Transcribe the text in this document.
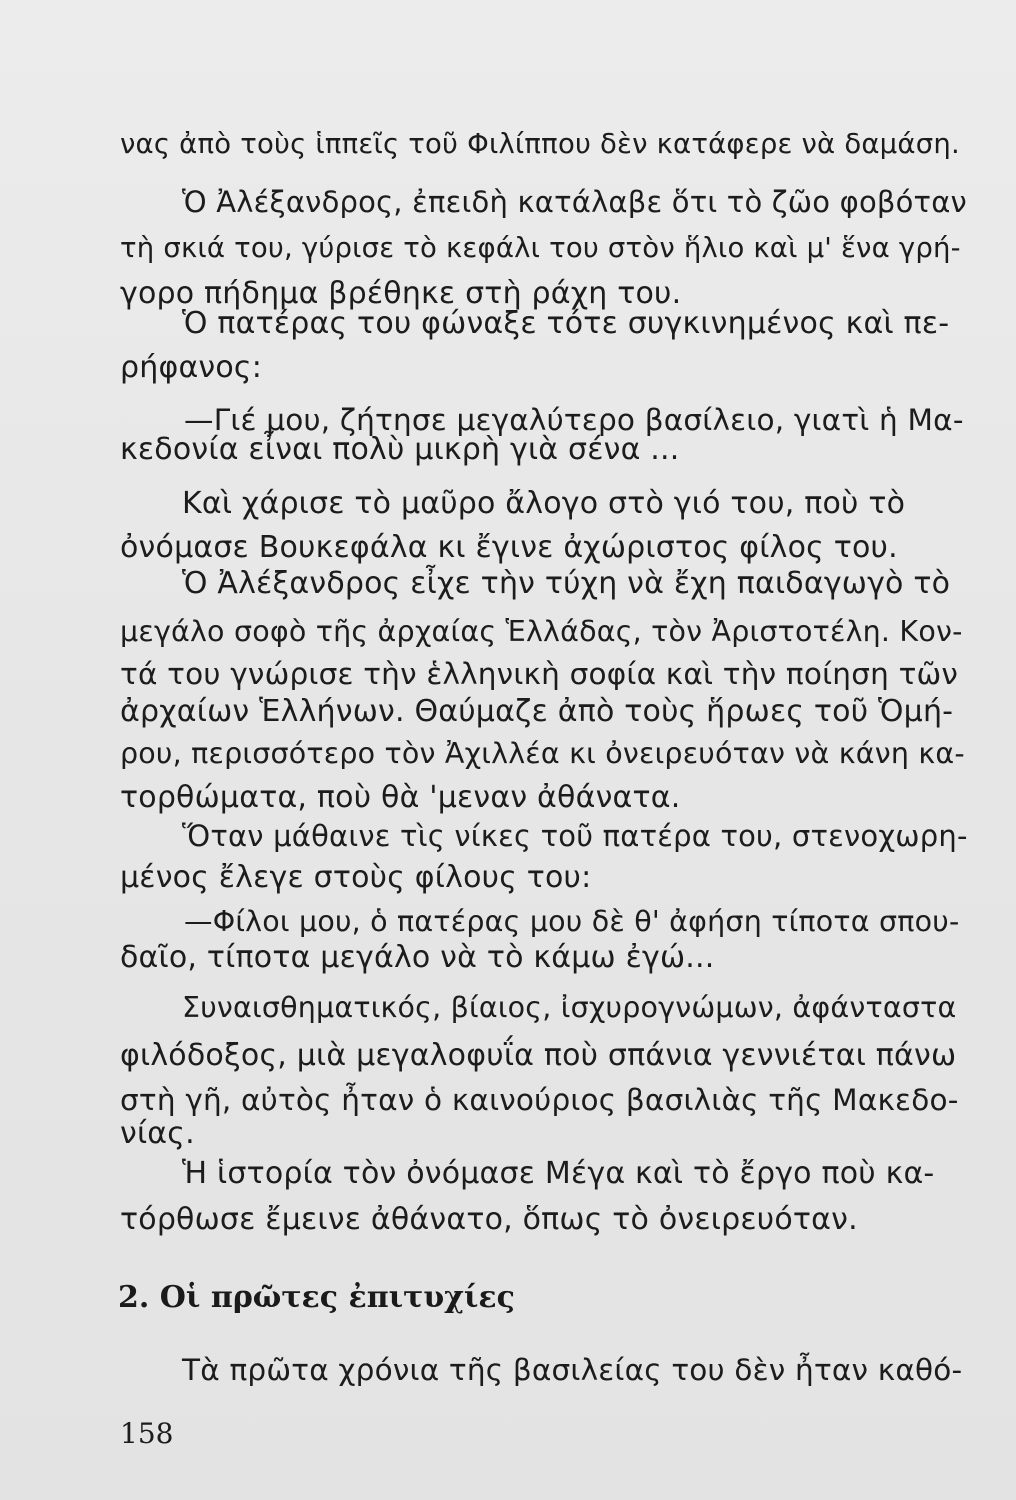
νας ἀπὸ τοὺς ἱππεῖς τοῦ Φιλίππου δὲν κατάφερε νὰ δαμάση.
Ὁ Ἀλέξανδρος, ἐπειδὴ κατάλαβε ὅτι τὸ ζῶο φοβόταν
τὴ σκιά του, γύρισε τὸ κεφάλι του στὸν ἥλιο καὶ μ' ἕνα γρή-
γορο πήδημα βρέθηκε στὴ ράχη του.
Ὁ πατέρας του φώναξε τότε συγκινημένος καὶ πε-
ρήφανος:
—Γιέ μου, ζήτησε μεγαλύτερο βασίλειο, γιατὶ ἡ Μα-
κεδονία εἶναι πολὺ μικρὴ γιὰ σένα ...
Καὶ χάρισε τὸ μαῦρο ἄλογο στὸ γιό του, ποὺ τὸ
ὀνόμασε Βουκεφάλα κι ἔγινε ἀχώριστος φίλος του.
Ὁ Ἀλέξανδρος εἶχε τὴν τύχη νὰ ἔχη παιδαγωγὸ τὸ
μεγάλο σοφὸ τῆς ἀρχαίας Ἑλλάδας, τὸν Ἀριστοτέλη. Κον-
τά του γνώρισε τὴν ἑλληνικὴ σοφία καὶ τὴν ποίηση τῶν
ἀρχαίων Ἑλλήνων. Θαύμαζε ἀπὸ τοὺς ἥρωες τοῦ Ὁμή-
ρου, περισσότερο τὸν Ἀχιλλέα κι ὀνειρευόταν νὰ κάνη κα-
τορθώματα, ποὺ θὰ 'μεναν ἀθάνατα.
Ὅταν μάθαινε τὶς νίκες τοῦ πατέρα του, στενοχωρη-
μένος ἔλεγε στοὺς φίλους του:
—Φίλοι μου, ὁ πατέρας μου δὲ θ' ἀφήση τίποτα σπου-
δαῖο, τίποτα μεγάλο νὰ τὸ κάμω ἐγώ...
Συναισθηματικός, βίαιος, ἰσχυρογνώμων, ἀφάνταστα
φιλόδοξος, μιὰ μεγαλοφυΐα ποὺ σπάνια γεννιέται πάνω
στὴ γῆ, αὐτὸς ἦταν ὁ καινούριος βασιλιὰς τῆς Μακεδο-
νίας.
Ἡ ἱστορία τὸν ὀνόμασε Μέγα καὶ τὸ ἔργο ποὺ κα-
τόρθωσε ἔμεινε ἀθάνατο, ὅπως τὸ ὀνειρευόταν.
2. Οἱ πρῶτες ἐπιτυχίες
Τὰ πρῶτα χρόνια τῆς βασιλείας του δὲν ἦταν καθό-
158
